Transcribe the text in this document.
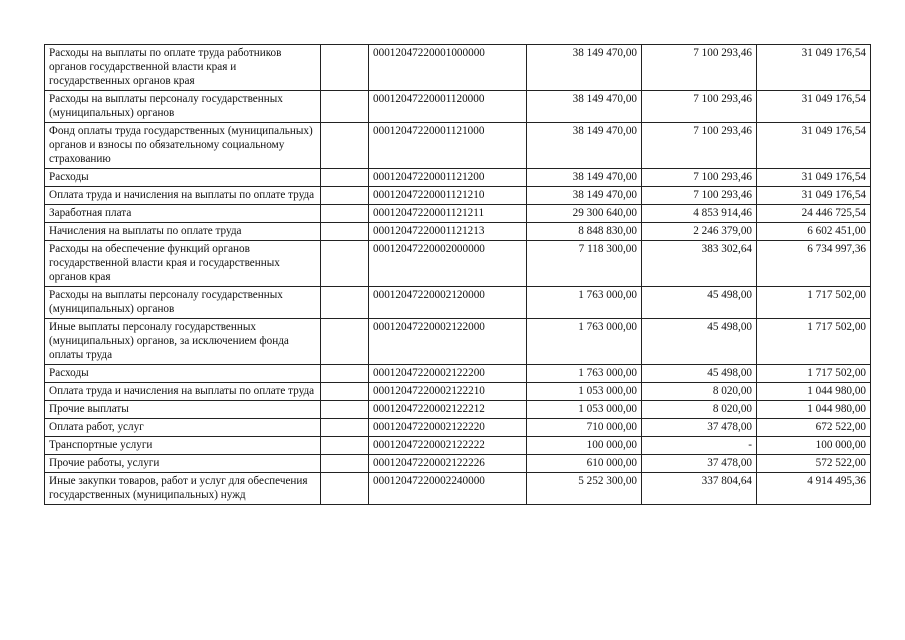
Расходы на выплаты по оплате труда работников органов государственной власти края и государственных органов края		00012047220001000000	38 149 470,00	7 100 293,46	31 049 176,54
Расходы на выплаты персоналу государственных (муниципальных) органов		00012047220001120000	38 149 470,00	7 100 293,46	31 049 176,54
Фонд оплаты труда государственных (муниципальных) органов и взносы по обязательному социальному страхованию		00012047220001121000	38 149 470,00	7 100 293,46	31 049 176,54
Расходы		00012047220001121200	38 149 470,00	7 100 293,46	31 049 176,54
Оплата труда и начисления на выплаты по оплате труда		00012047220001121210	38 149 470,00	7 100 293,46	31 049 176,54
Заработная плата		00012047220001121211	29 300 640,00	4 853 914,46	24 446 725,54
Начисления на выплаты по оплате труда		00012047220001121213	8 848 830,00	2 246 379,00	6 602 451,00
Расходы на обеспечение функций органов государственной власти края и государственных органов края		00012047220002000000	7 118 300,00	383 302,64	6 734 997,36
Расходы на выплаты персоналу государственных (муниципальных) органов		00012047220002120000	1 763 000,00	45 498,00	1 717 502,00
Иные выплаты персоналу государственных (муниципальных) органов, за исключением фонда оплаты труда		00012047220002122000	1 763 000,00	45 498,00	1 717 502,00
Расходы		00012047220002122200	1 763 000,00	45 498,00	1 717 502,00
Оплата труда и начисления на выплаты по оплате труда		00012047220002122210	1 053 000,00	8 020,00	1 044 980,00
Прочие выплаты		00012047220002122212	1 053 000,00	8 020,00	1 044 980,00
Оплата работ, услуг		00012047220002122220	710 000,00	37 478,00	672 522,00
Транспортные услуги		00012047220002122222	100 000,00	-	100 000,00
Прочие работы, услуги		00012047220002122226	610 000,00	37 478,00	572 522,00
Иные закупки товаров, работ и услуг для обеспечения государственных (муниципальных) нужд		00012047220002240000	5 252 300,00	337 804,64	4 914 495,36
